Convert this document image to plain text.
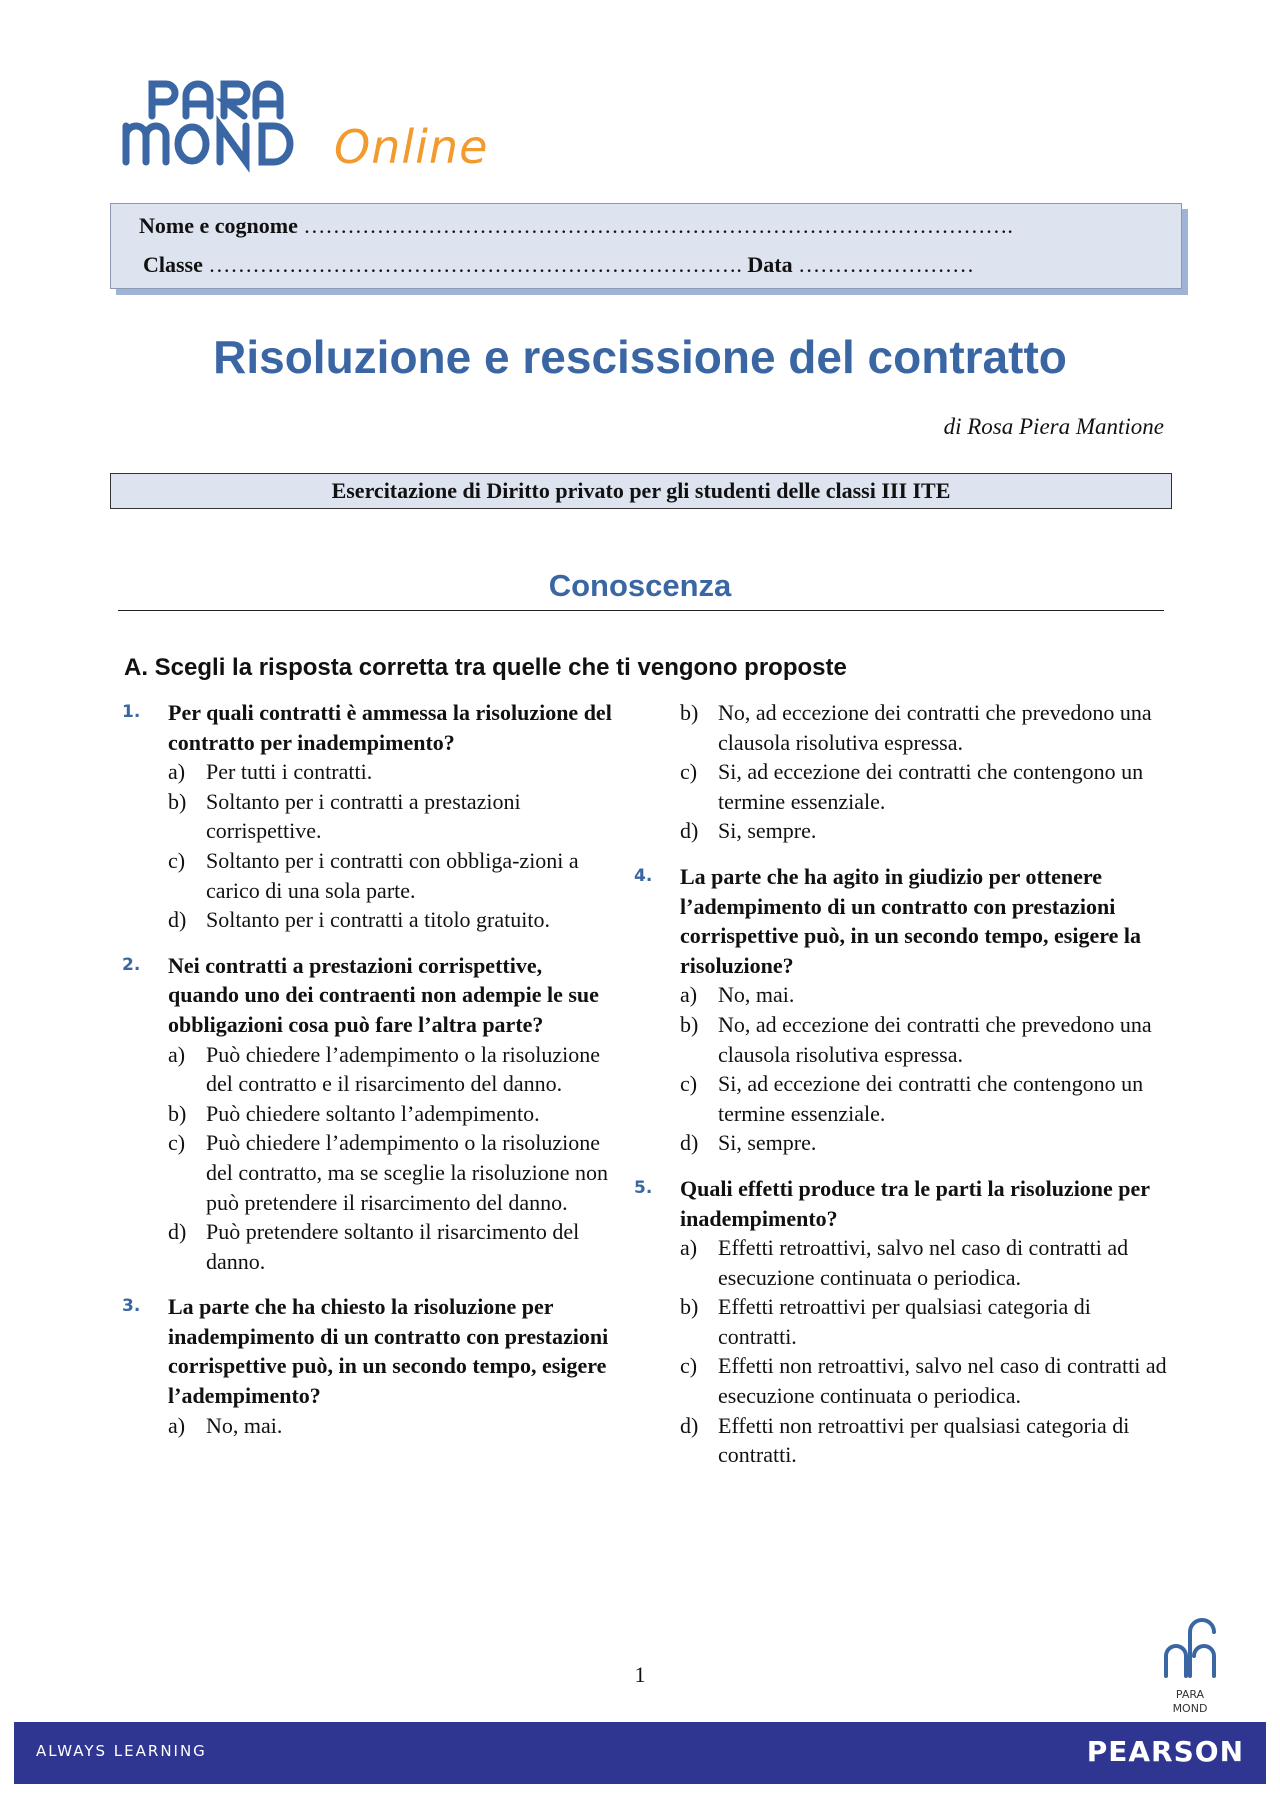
Online
Nome e cognome …………………………………………………………………………………….
Classe ………………………………………………………………. Data ……………………
Risoluzione e rescissione del contratto
di Rosa Piera Mantione
Esercitazione di Diritto privato per gli studenti delle classi III ITE
Conoscenza
A. Scegli la risposta corretta tra quelle che ti vengono proposte
1. Per quali contratti è ammessa la risoluzione del contratto per inadempimento?
a) Per tutti i contratti.
b) Soltanto per i contratti a prestazioni corrispettive.
c) Soltanto per i contratti con obbliga-zioni a carico di una sola parte.
d) Soltanto per i contratti a titolo gratuito.
2. Nei contratti a prestazioni corrispettive, quando uno dei contraenti non adempie le sue obbligazioni cosa può fare l’altra parte?
a) Può chiedere l’adempimento o la risoluzione del contratto e il risarcimento del danno.
b) Può chiedere soltanto l’adempimento.
c) Può chiedere l’adempimento o la risoluzione del contratto, ma se sceglie la risoluzione non può pretendere il risarcimento del danno.
d) Può pretendere soltanto il risarcimento del danno.
3. La parte che ha chiesto la risoluzione per inadempimento di un contratto con prestazioni corrispettive può, in un secondo tempo, esigere l’adempimento?
a) No, mai.
b) No, ad eccezione dei contratti che prevedono una clausola risolutiva espressa.
c) Si, ad eccezione dei contratti che contengono un termine essenziale.
d) Si, sempre.
4. La parte che ha agito in giudizio per ottenere l’adempimento di un contratto con prestazioni corrispettive può, in un secondo tempo, esigere la risoluzione?
a) No, mai.
b) No, ad eccezione dei contratti che prevedono una clausola risolutiva espressa.
c) Si, ad eccezione dei contratti che contengono un termine essenziale.
d) Si, sempre.
5. Quali effetti produce tra le parti la risoluzione per inadempimento?
a) Effetti retroattivi, salvo nel caso di contratti ad esecuzione continuata o periodica.
b) Effetti retroattivi per qualsiasi categoria di contratti.
c) Effetti non retroattivi, salvo nel caso di contratti ad esecuzione continuata o periodica.
d) Effetti non retroattivi per qualsiasi categoria di contratti.
1
PARA
MOND
ALWAYS LEARNING	PEARSON
